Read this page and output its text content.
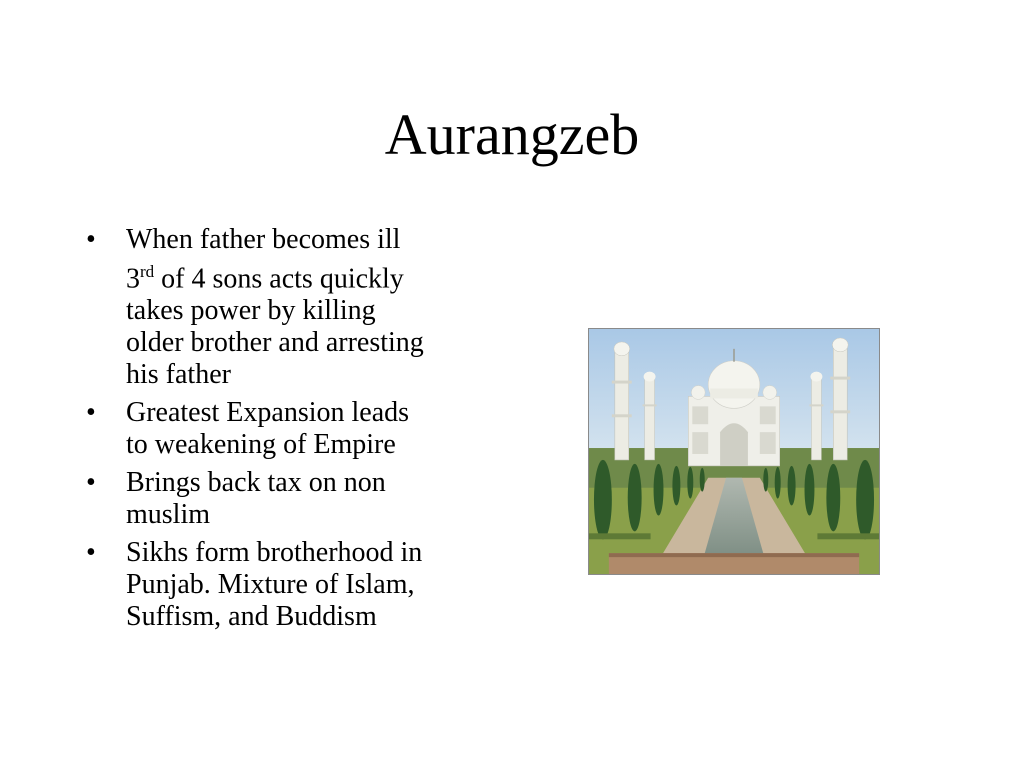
Aurangzeb
• When father becomes ill
3rd of 4 sons acts quickly
takes power by killing
older brother and arresting
his father
• Greatest Expansion leads
to weakening of Empire
• Brings back tax on non
muslim
• Sikhs form brotherhood in
Punjab. Mixture of Islam,
Suffism, and Buddism
